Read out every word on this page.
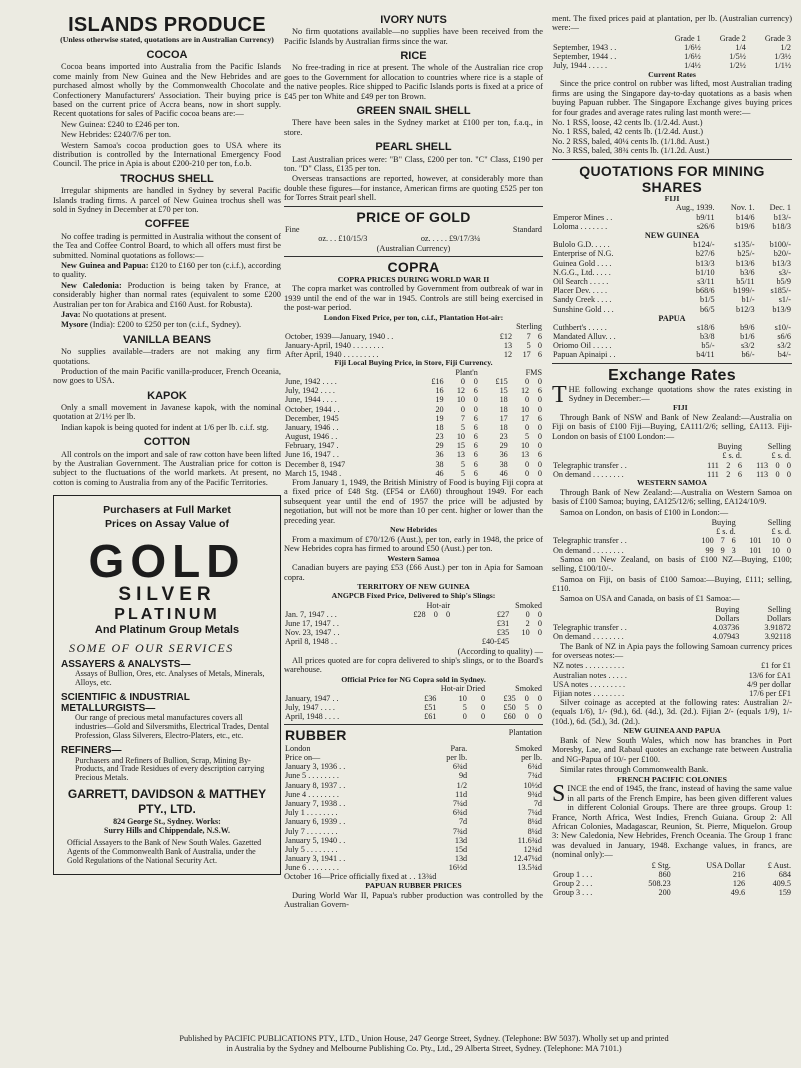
ISLANDS PRODUCE
(Unless otherwise stated, quotations are in Australian Currency)
COCOA

Cocoa beans imported into Australia from the Pacific Islands come mainly from New Guinea and the New Hebrides and are purchased almost wholly by the Commonwealth Chocolate and Confectionery Manufacturers' Association. Their buying price is based on the current price of Accra beans, now in short supply. Recent quotations for sales of Pacific cocoa beans are:—

New Guinea: £240 to £246 per ton.

New Hebrides: £240/7/6 per ton.

Western Samoa's cocoa production goes to USA where its distribution is controlled by the International Emergency Food Council. The price in Apia is about £200-210 per ton, f.o.b.

TROCHUS SHELL

Irregular shipments are handled in Sydney by several Pacific Islands trading firms. A parcel of New Guinea trochus shell was sold in Sydney in December at £70 per ton.

COFFEE

No coffee trading is permitted in Australia without the consent of the Tea and Coffee Control Board, to which all offers must first be submitted. Nominal quotations as follows:—

New Guinea and Papua: £120 to £160 per ton (c.i.f.), according to quality.

New Caledonia: Production is being taken by France, at considerably higher than normal rates (equivalent to some £200 Australian per ton for Arabica and £160 Aust. for Robusta).

Java: No quotations at present.

Mysore (India): £200 to £250 per ton (c.i.f., Sydney).

VANILLA BEANS

No supplies available—traders are not making any firm quotations.

Production of the main Pacific vanilla-producer, French Oceania, now goes to USA.

KAPOK

Only a small movement in Javanese kapok, with the nominal quotation at 2/1½ per lb.

Indian kapok is being quoted for indent at 1/6 per lb. c.i.f. stg.

COTTON

All controls on the import and sale of raw cotton have been lifted by the Australian Government. The Australian price for cotton is subject to the fluctuations of the world markets. At present, no cotton is coming to Australia from any of the Pacific Territories.

Purchasers at Full Market
Prices on Assay Value of
GOLD
SILVER
PLATINUM
And Platinum Group Metals
SOME OF OUR SERVICES
ASSAYERS & ANALYSTS—
Assays of Bullion, Ores, etc. Analyses of Metals, Minerals, Alloys, etc.
SCIENTIFIC & INDUSTRIAL METALLURGISTS—
Our range of precious metal manufactures covers all industries—Gold and Silversmiths, Electrical Trades, Dental Profession, Glass Silverers, Electro-Platers, etc., etc.
REFINERS—
Purchasers and Refiners of Bullion, Scrap, Mining By-Products, and Trade Residues of every description carrying Precious Metals.
GARRETT, DAVIDSON & MATTHEY PTY., LTD.
824 George St., Sydney. Works:
Surry Hills and Chippendale, N.S.W.
Official Assayers to the Bank of New South Wales. Gazetted Agents of the Commonwealth Bank of Australia, under the Gold Regulations of the National Security Act.
IVORY NUTS

No firm quotations available—no supplies have been received from the Pacific Islands by Australian firms since the war.

RICE

No free-trading in rice at present. The whole of the Australian rice crop goes to the Government for allocation to countries where rice is a staple of the native peoples. Rice shipped to Pacific Islands ports is fixed at a price of £45 per ton White and £49 per ton Brown.

GREEN SNAIL SHELL

There have been sales in the Sydney market at £100 per ton, f.a.q., in store.

PEARL SHELL

Last Australian prices were: "B" Class, £200 per ton. "C" Class, £190 per ton. "D" Class, £135 per ton.

Overseas transactions are reported, however, at considerably more than double these figures—for instance, American firms are quoting £525 per ton for Torres Strait pearl shell.

PRICE OF GOLD
Fine		Standard
	oz. . . £10/15/3	oz. . . . . £9/17/3¼
(Australian Currency)
COPRA
COPRA PRICES DURING WORLD WAR II

The copra market was controlled by Government from outbreak of war in 1939 until the end of the war in 1945. Controls are still being exercised in the post-war period.

London Fixed Price, per ton, c.i.f., Plantation Hot-air:
	Sterling		
October, 1939—January, 1940 . .	£12	7	6
January-April, 1940 . . . . . . . .	13	5	0
After April, 1940 . . . . . . . . .	12	17	6
Fiji Local Buying Price, in Store, Fiji Currency.
	Plant'n			FMS		
June, 1942 . . . .	£16	0	0	£15	0	0
July, 1942 . . . .	16	12	6	15	12	6
June, 1944 . . . .	19	10	0	18	0	0
October, 1944 . .	20	0	0	18	10	0
December, 1945	19	7	6	17	17	6
January, 1946 . .	18	5	6	18	0	0
August, 1946 . .	23	10	6	23	5	0
February, 1947 .	29	15	6	29	10	0
June 16, 1947 . .	36	13	6	36	13	6
December 8, 1947	38	5	6	38	0	0
March 15, 1948 .	46	5	6	46	0	0

From January 1, 1949, the British Ministry of Food is buying Fiji copra at a fixed price of £48 Stg. (£F54 or £A60) throughout 1949. For each subsequent year until the end of 1957 the price will be adjusted by negotiation, but will not be more than 10 per cent. higher or lower than the preceding year.

New Hebrides

From a maximum of £70/12/6 (Aust.), per ton, early in 1948, the price of New Hebrides copra has firmed to around £50 (Aust.) per ton.

Western Samoa

Canadian buyers are paying £53 (£66 Aust.) per ton in Apia for Samoan copra.

TERRITORY OF NEW GUINEA
ANGPCB Fixed Price, Delivered to Ship's Slings:
	Hot-air			Smoked		
Jan. 7, 1947 . . .	£28	0	0	£27	0	0
June 17, 1947 . .				£31	2	0
Nov. 23, 1947 . .				£35	10	0
April 8, 1948 . .				£40-£45		
(According to quality) —

All prices quoted are for copra delivered to ship's slings, or to the Board's warehouse.

Official Price for NG Copra sold in Sydney.
	Hot-air Dried			Smoked		
January, 1947 . .	£36	10	0	£35	0	0
July, 1947 . . . .	£51	5	0	£50	5	0
April, 1948 . . . .	£61	0	0	£60	0	0
RUBBER		Plantation
London	Para.	Smoked
Price on—	per lb.	per lb.
January 3, 1936 . .	6¾d	6¾d
June 5 . . . . . . . .	9d	7¾d
January 8, 1937 . .	1/2	10½d
June 4 . . . . . . . .	11d	9¾d
January 7, 1938 . .	7¼d	7d
July 1 . . . . . . . .	6¾d	7¼d
January 6, 1939 . .	7d	8¼d
July 7 . . . . . . . .	7¾d	8¼d
January 5, 1940 . .	13d	11.6¾d
July 5 . . . . . . . .	15d	12¾d
January 3, 1941 . .	13d	12.47¼d
June 6 . . . . . . . .	16½d	13.5¾d
October 16—Price officially fixed at . . 13¾d
PAPUAN RUBBER PRICES

During World War II, Papua's rubber production was controlled by the Australian Govern-

ment. The fixed prices paid at plantation, per lb. (Australian currency) were:—

	Grade 1	Grade 2	Grade 3
September, 1943 . .	1/6½	1/4	1/2
September, 1944 . .	1/6½	1/5½	1/3½
July, 1944 . . . . .	1/4½	1/2½	1/1½
Current Rates

Since the price control on rubber was lifted, most Australian trading firms are using the Singapore day-to-day quotations as a basis when buying Papuan rubber. The Singapore Exchange gives buying prices for four grades and average rates ruling last month were:—

No. 1 RSS, loose, 42 cents lb. (1/2.4d. Aust.)
No. 1 RSS, baled, 42 cents lb. (1/2.4d. Aust.)
No. 2 RSS, baled, 40¼ cents lb. (1/1.8d. Aust.)
No. 3 RSS, baled, 38¾ cents lb. (1/1.2d. Aust.)
QUOTATIONS FOR MINING SHARES
FIJI
	Aug., 1939.	Nov. 1.	Dec. 1
Emperor Mines . .	b9/11	b14/6	b13/-
Loloma . . . . . . .	s26/6	b19/6	b18/3
NEW GUINEA			
Bulolo G.D. . . . .	b124/-	s135/-	b100/-
Enterprise of N.G.	b27/6	b25/-	b20/-
Guinea Gold . . . .	b13/3	b13/6	b13/3
N.G.G., Ltd. . . . .	b1/10	b3/6	s3/-
Oil Search . . . . .	s3/11	b5/11	b5/9
Placer Dev. . . . .	b68/6	b199/-	s185/-
Sandy Creek . . . .	b1/5	b1/-	s1/-
Sunshine Gold . . .	b6/5	b12/3	b13/9
PAPUA			
Cuthbert's . . . . .	s18/6	b9/6	s10/-
Mandated Alluv. . .	b3/8	b1/6	s6/6
Oriomo Oil . . . . .	b5/-	s3/2	s3/2
Papuan Apinaipi . .	b4/11	b6/-	b4/-
Exchange Rates

THE following exchange quotations show the rates existing in Sydney in December:—

FIJI

Through Bank of NSW and Bank of New Zealand:—Australia on Fiji on basis of £100 Fiji—Buying, £A111/2/6; selling, £A113. Fiji-London on basis of £100 London:—

	Buying			Selling		
	£ s. d.			£ s. d.		
Telegraphic transfer . .	111	2	6	113	0	0
On demand . . . . . . . .	111	2	6	113	0	0
WESTERN SAMOA

Through Bank of New Zealand:—Australia on Western Samoa on basis of £100 Samoa; buying, £A125/12/6; selling, £A124/10/9.

Samoa on London, on basis of £100 in London:—

	Buying			Selling		
	£ s. d.			£ s. d.		
Telegraphic transfer . .	100	7	6	101	10	0
On demand . . . . . . . .	99	9	3	101	10	0

Samoa on New Zealand, on basis of £100 NZ—Buying, £100; selling, £100/10/-.

Samoa on Fiji, on basis of £100 Samoa:—Buying, £111; selling, £110.

Samoa on USA and Canada, on basis of £1 Samoa:—

	Buying	Selling
	Dollars	Dollars
Telegraphic transfer . .	4.03736	3.91872
On demand . . . . . . . .	4.07943	3.92118

The Bank of NZ in Apia pays the following Samoan currency prices for overseas notes:—

NZ notes . . . . . . . . . .	£1 for £1
Australian notes . . . . .	13/6 for £A1
USA notes . . . . . . . . .	4/9 per dollar
Fijian notes . . . . . . . .	17/6 per £F1

Silver coinage as accepted at the following rates: Australian 2/- (equals 1/6), 1/- (9d.), 6d. (4d.), 3d. (2d.). Fijian 2/- (equals 1/9), 1/- (10d.), 6d. (5d.), 3d. (2d.).

NEW GUINEA AND PAPUA

Bank of New South Wales, which now has branches in Port Moresby, Lae, and Rabaul quotes an exchange rate between Australia and NG-Papua of 10/- per £100.

Similar rates through Commonwealth Bank.

FRENCH PACIFIC COLONIES

SINCE the end of 1945, the franc, instead of having the same value in all parts of the French Empire, has been given different values in different Colonial Groups. There are three groups. Group 1: France, North Africa, West Indies, French Guiana. Group 2: All African Colonies, Madagascar, Reunion, St. Pierre, Miquelon. Group 3: New Caledonia, New Hebrides, French Oceania. The Group 1 franc was devalued in January, 1948. Exchange values, in francs, are (nominal only):—

	£ Stg.	USA Dollar	£ Aust.
Group 1 . . .	860	216	684
Group 2 . . .	508.23	126	409.5
Group 3 . . .	200	49.6	159
Published by PACIFIC PUBLICATIONS PTY., LTD., Union House, 247 George Street, Sydney. (Telephone: BW 5037). Wholly set up and printed
in Australia by the Sydney and Melbourne Publishing Co. Pty., Ltd., 29 Alberta Street, Sydney. (Telephone: MA 7101.)
